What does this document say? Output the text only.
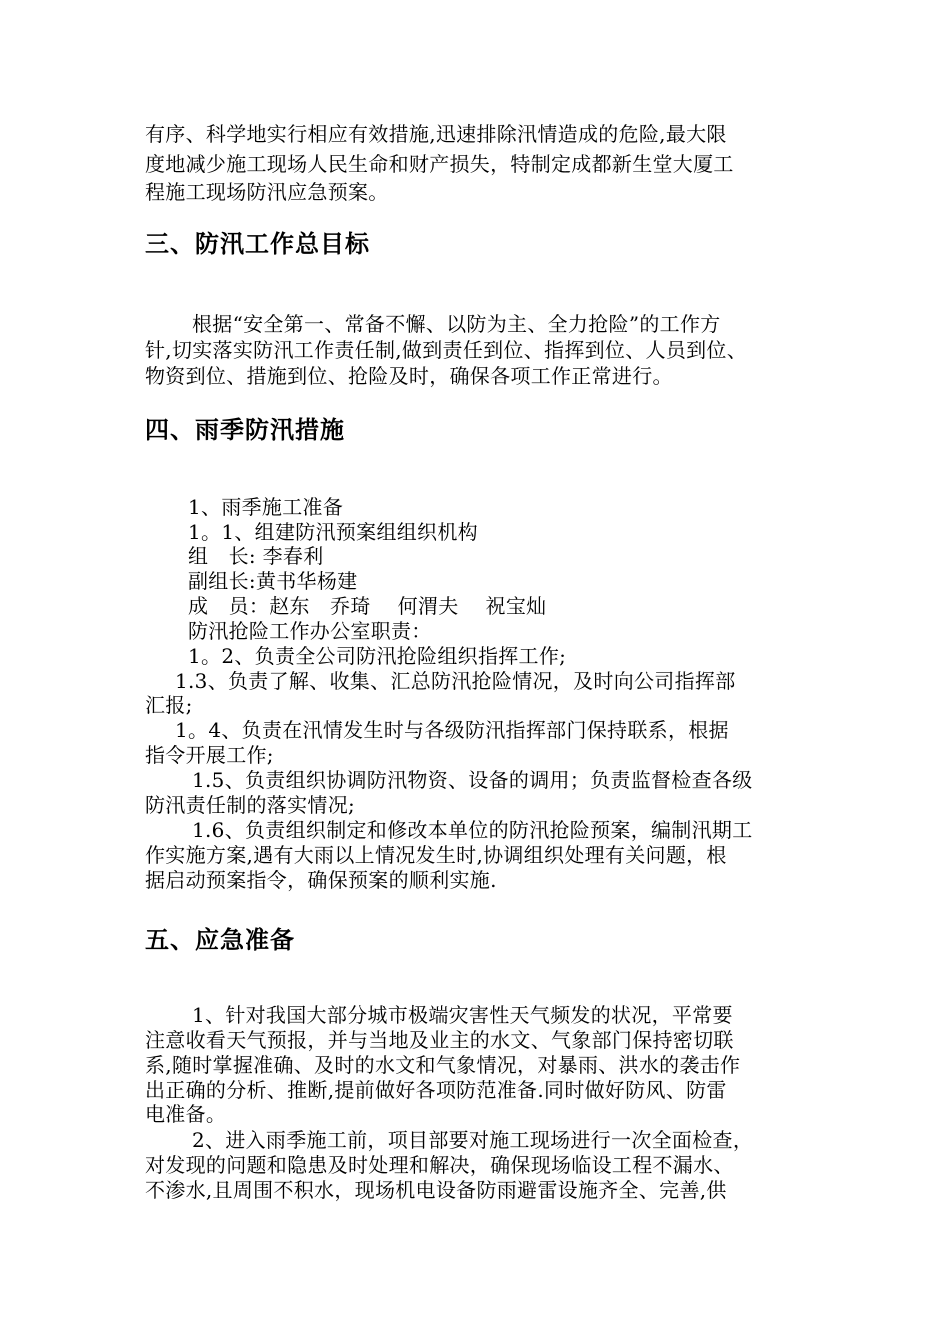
有序、科学地实行相应有效措施,迅速排除汛情造成的危险,最大限
度地减少施工现场人民生命和财产损失，特制定成都新生堂大厦工
程施工现场防汛应急预案。
三、防汛工作总目标
根据“安全第一、常备不懈、以防为主、全力抢险”的工作方
针,切实落实防汛工作责任制,做到责任到位、指挥到位、人员到位、
物资到位、措施到位、抢险及时，确保各项工作正常进行。
四、雨季防汛措施
1、雨季施工准备
1。1、组建防汛预案组组织机构
组　长: 李春利
副组长:黄书华杨建
成　员：赵东　乔琦　 何渭夫　 祝宝灿
防汛抢险工作办公室职责：
1。2、负责全公司防汛抢险组织指挥工作;
1.3、负责了解、收集、汇总防汛抢险情况，及时向公司指挥部
汇报;
1。4、负责在汛情发生时与各级防汛指挥部门保持联系，根据
指令开展工作;
1.5、负责组织协调防汛物资、设备的调用；负责监督检查各级
防汛责任制的落实情况;
1.6、负责组织制定和修改本单位的防汛抢险预案，编制汛期工
作实施方案,遇有大雨以上情况发生时,协调组织处理有关问题，根
据启动预案指令，确保预案的顺利实施.
五、应急准备
1、针对我国大部分城市极端灾害性天气频发的状况，平常要
注意收看天气预报，并与当地及业主的水文、气象部门保持密切联
系,随时掌握准确、及时的水文和气象情况，对暴雨、洪水的袭击作
出正确的分析、推断,提前做好各项防范准备.同时做好防风、防雷
电准备。
2、进入雨季施工前，项目部要对施工现场进行一次全面检查，
对发现的问题和隐患及时处理和解决，确保现场临设工程不漏水、
不渗水,且周围不积水，现场机电设备防雨避雷设施齐全、完善,供
